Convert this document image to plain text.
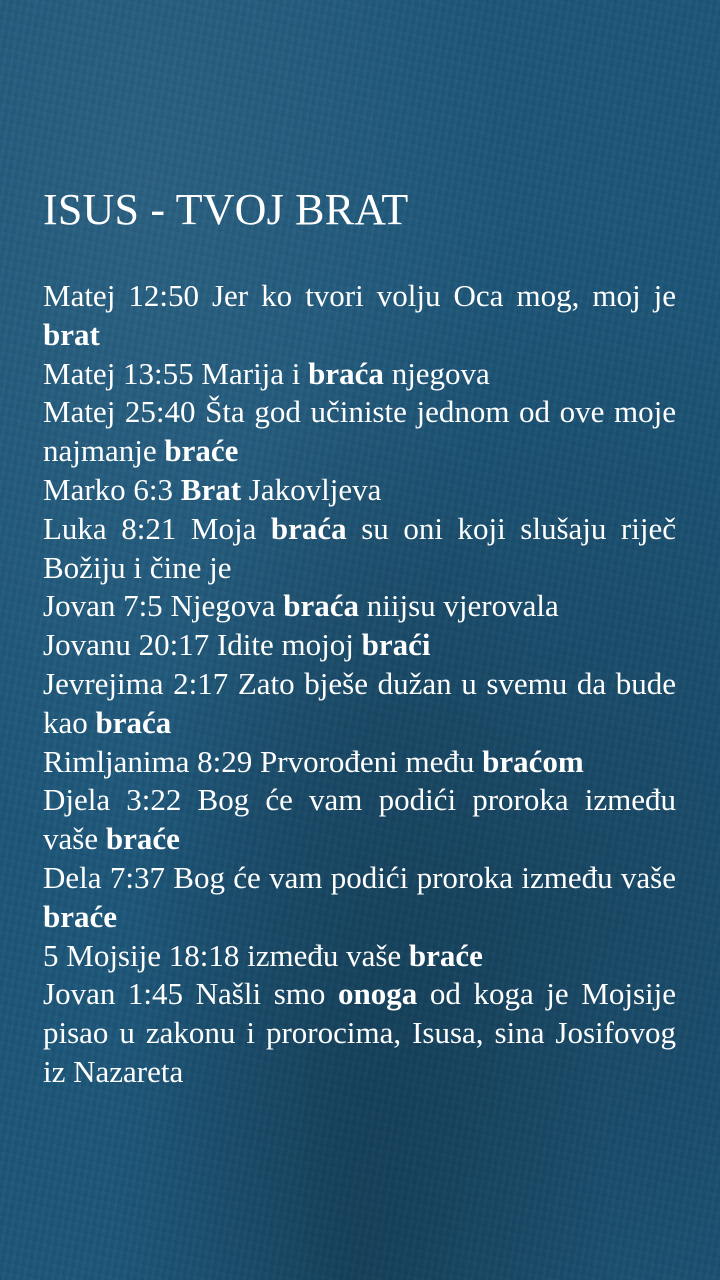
ISUS - TVOJ BRAT

Matej 12:50 Jer ko tvori volju Oca mog, moj je brat

Matej 13:55 Marija i braća njegova

Matej 25:40 Šta god učiniste jednom od ove moje najmanje braće

Marko 6:3 Brat Jakovljeva

Luka 8:21 Moja braća su oni koji slušaju riječ Božiju i čine je

Jovan 7:5 Njegova braća niijsu vjerovala

Jovanu 20:17 Idite mojoj braći

Jevrejima 2:17 Zato bješe dužan u svemu da bude kao braća

Rimljanima 8:29 Prvorođeni među braćom

Djela 3:22 Bog će vam podići proroka između vaše braće

Dela 7:37 Bog će vam podići proroka između vaše braće

5 Mojsije 18:18 između vaše braće

Jovan 1:45 Našli smo onoga od koga je Mojsije pisao u zakonu i prorocima, Isusa, sina Josifovog iz Nazareta
